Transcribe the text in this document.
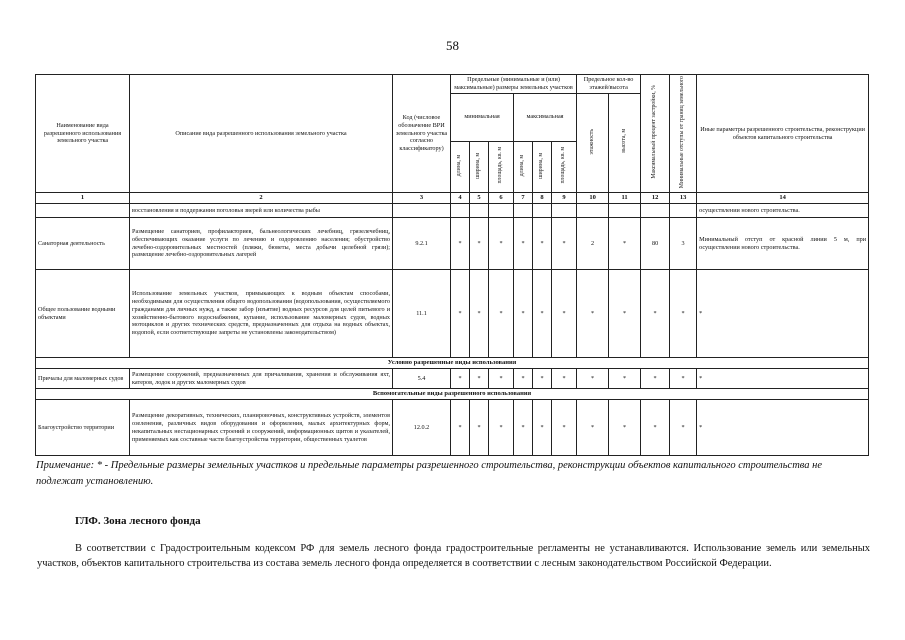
58
Наименование вида разрешенного использования земельного участка	Описание вида разрешенного использования земельного участка	Код (числовое обозначение ВРИ земельного участка согласно классификатору)	Предельные (минимальные и (или) максимальные) размеры земельных участков						Предельное кол-во этажей/высота		Максимальный процент застройки, %	Минимальные отступы от границ земельного	Иные параметры разрешенного строительства, реконструкции объектов капитального строительства
			минимальная			максимальная			этажность	высота, м			
			длина, м	ширина, м	площадь, кв. м	длина, м	ширина, м	площадь, кв. м					
1	2	3	4	5	6	7	8	9	10	11	12	13	14
	восстановления и поддержания поголовья зверей или количества рыбы												осуществлении нового строительства.
Санаторная деятельность	Размещение санаториев, профилакториев, бальнеологических лечебниц, грязелечебниц, обеспечивающих оказание услуги по лечению и оздоровлению населения; обустройство лечебно-оздоровительных местностей (пляжи, бюветы, места добычи целебной грязи); размещение лечебно-оздоровительных лагерей	9.2.1	*	*	*	*	*	*	2	*	80	3	Минимальный отступ от красной линии 5 м, при осуществлении нового строительства.
Общее пользование водными объектами	Использование земельных участков, примыкающих к водным объектам способами, необходимыми для осуществления общего водопользования (водопользования, осуществляемого гражданами для личных нужд, а также забор (изъятие) водных ресурсов для целей питьевого и хозяйственно-бытового водоснабжения, купание, использование маломерных судов, водных мотоциклов и других технических средств, предназначенных для отдыха на водных объектах, водопой, если соответствующие запреты не установлены законодательством)	11.1	*	*	*	*	*	*	*	*	*	*	*
Условно разрешенные виды использования													
Причалы для маломерных судов	Размещение сооружений, предназначенных для причаливания, хранения и обслуживания яхт, катеров, лодок и других маломерных судов	5.4	*	*	*	*	*	*	*	*	*	*	*
Вспомогательные виды разрешенного использования													
Благоустройство территории	Размещение декоративных, технических, планировочных, конструктивных устройств, элементов озеленения, различных видов оборудования и оформления, малых архитектурных форм, некапитальных нестационарных строений и сооружений, информационных щитов и указателей, применяемых как составные части благоустройства территории, общественных туалетов	12.0.2	*	*	*	*	*	*	*	*	*	*	*
Примечание: * - Предельные размеры земельных участков и предельные параметры разрешенного строительства, реконструкции объектов капитального строительства не подлежат установлению.
ГЛФ. Зона лесного фонда
В соответствии с Градостроительным кодексом РФ для земель лесного фонда градостроительные регламенты не устанавливаются. Использование земель или земельных участков, объектов капитального строительства из состава земель лесного фонда определяется в соответствии с лесным законодательством Российской Федерации.
